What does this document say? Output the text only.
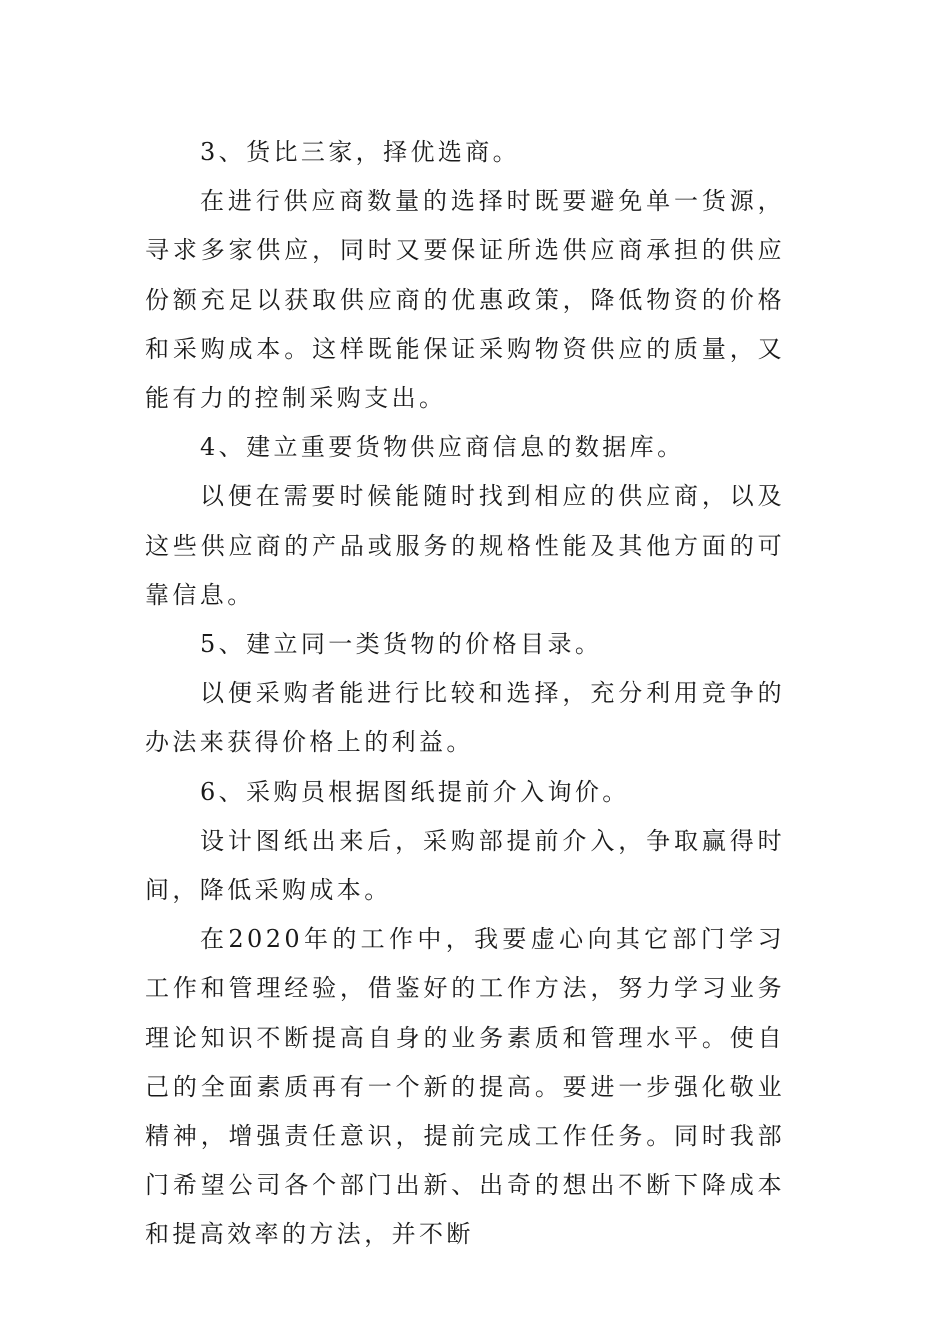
3、货比三家，择优选商。

在进行供应商数量的选择时既要避免单一货源，寻求多家供应，同时又要保证所选供应商承担的供应份额充足以获取供应商的优惠政策，降低物资的价格和采购成本。这样既能保证采购物资供应的质量，又能有力的控制采购支出。

4、建立重要货物供应商信息的数据库。

以便在需要时候能随时找到相应的供应商，以及这些供应商的产品或服务的规格性能及其他方面的可靠信息。

5、建立同一类货物的价格目录。

以便采购者能进行比较和选择，充分利用竞争的办法来获得价格上的利益。

6、采购员根据图纸提前介入询价。

设计图纸出来后，采购部提前介入，争取赢得时间，降低采购成本。

在2020年的工作中，我要虚心向其它部门学习工作和管理经验，借鉴好的工作方法，努力学习业务理论知识不断提高自身的业务素质和管理水平。使自己的全面素质再有一个新的提高。要进一步强化敬业精神，增强责任意识，提前完成工作任务。同时我部门希望公司各个部门出新、出奇的想出不断下降成本和提高效率的方法，并不断
